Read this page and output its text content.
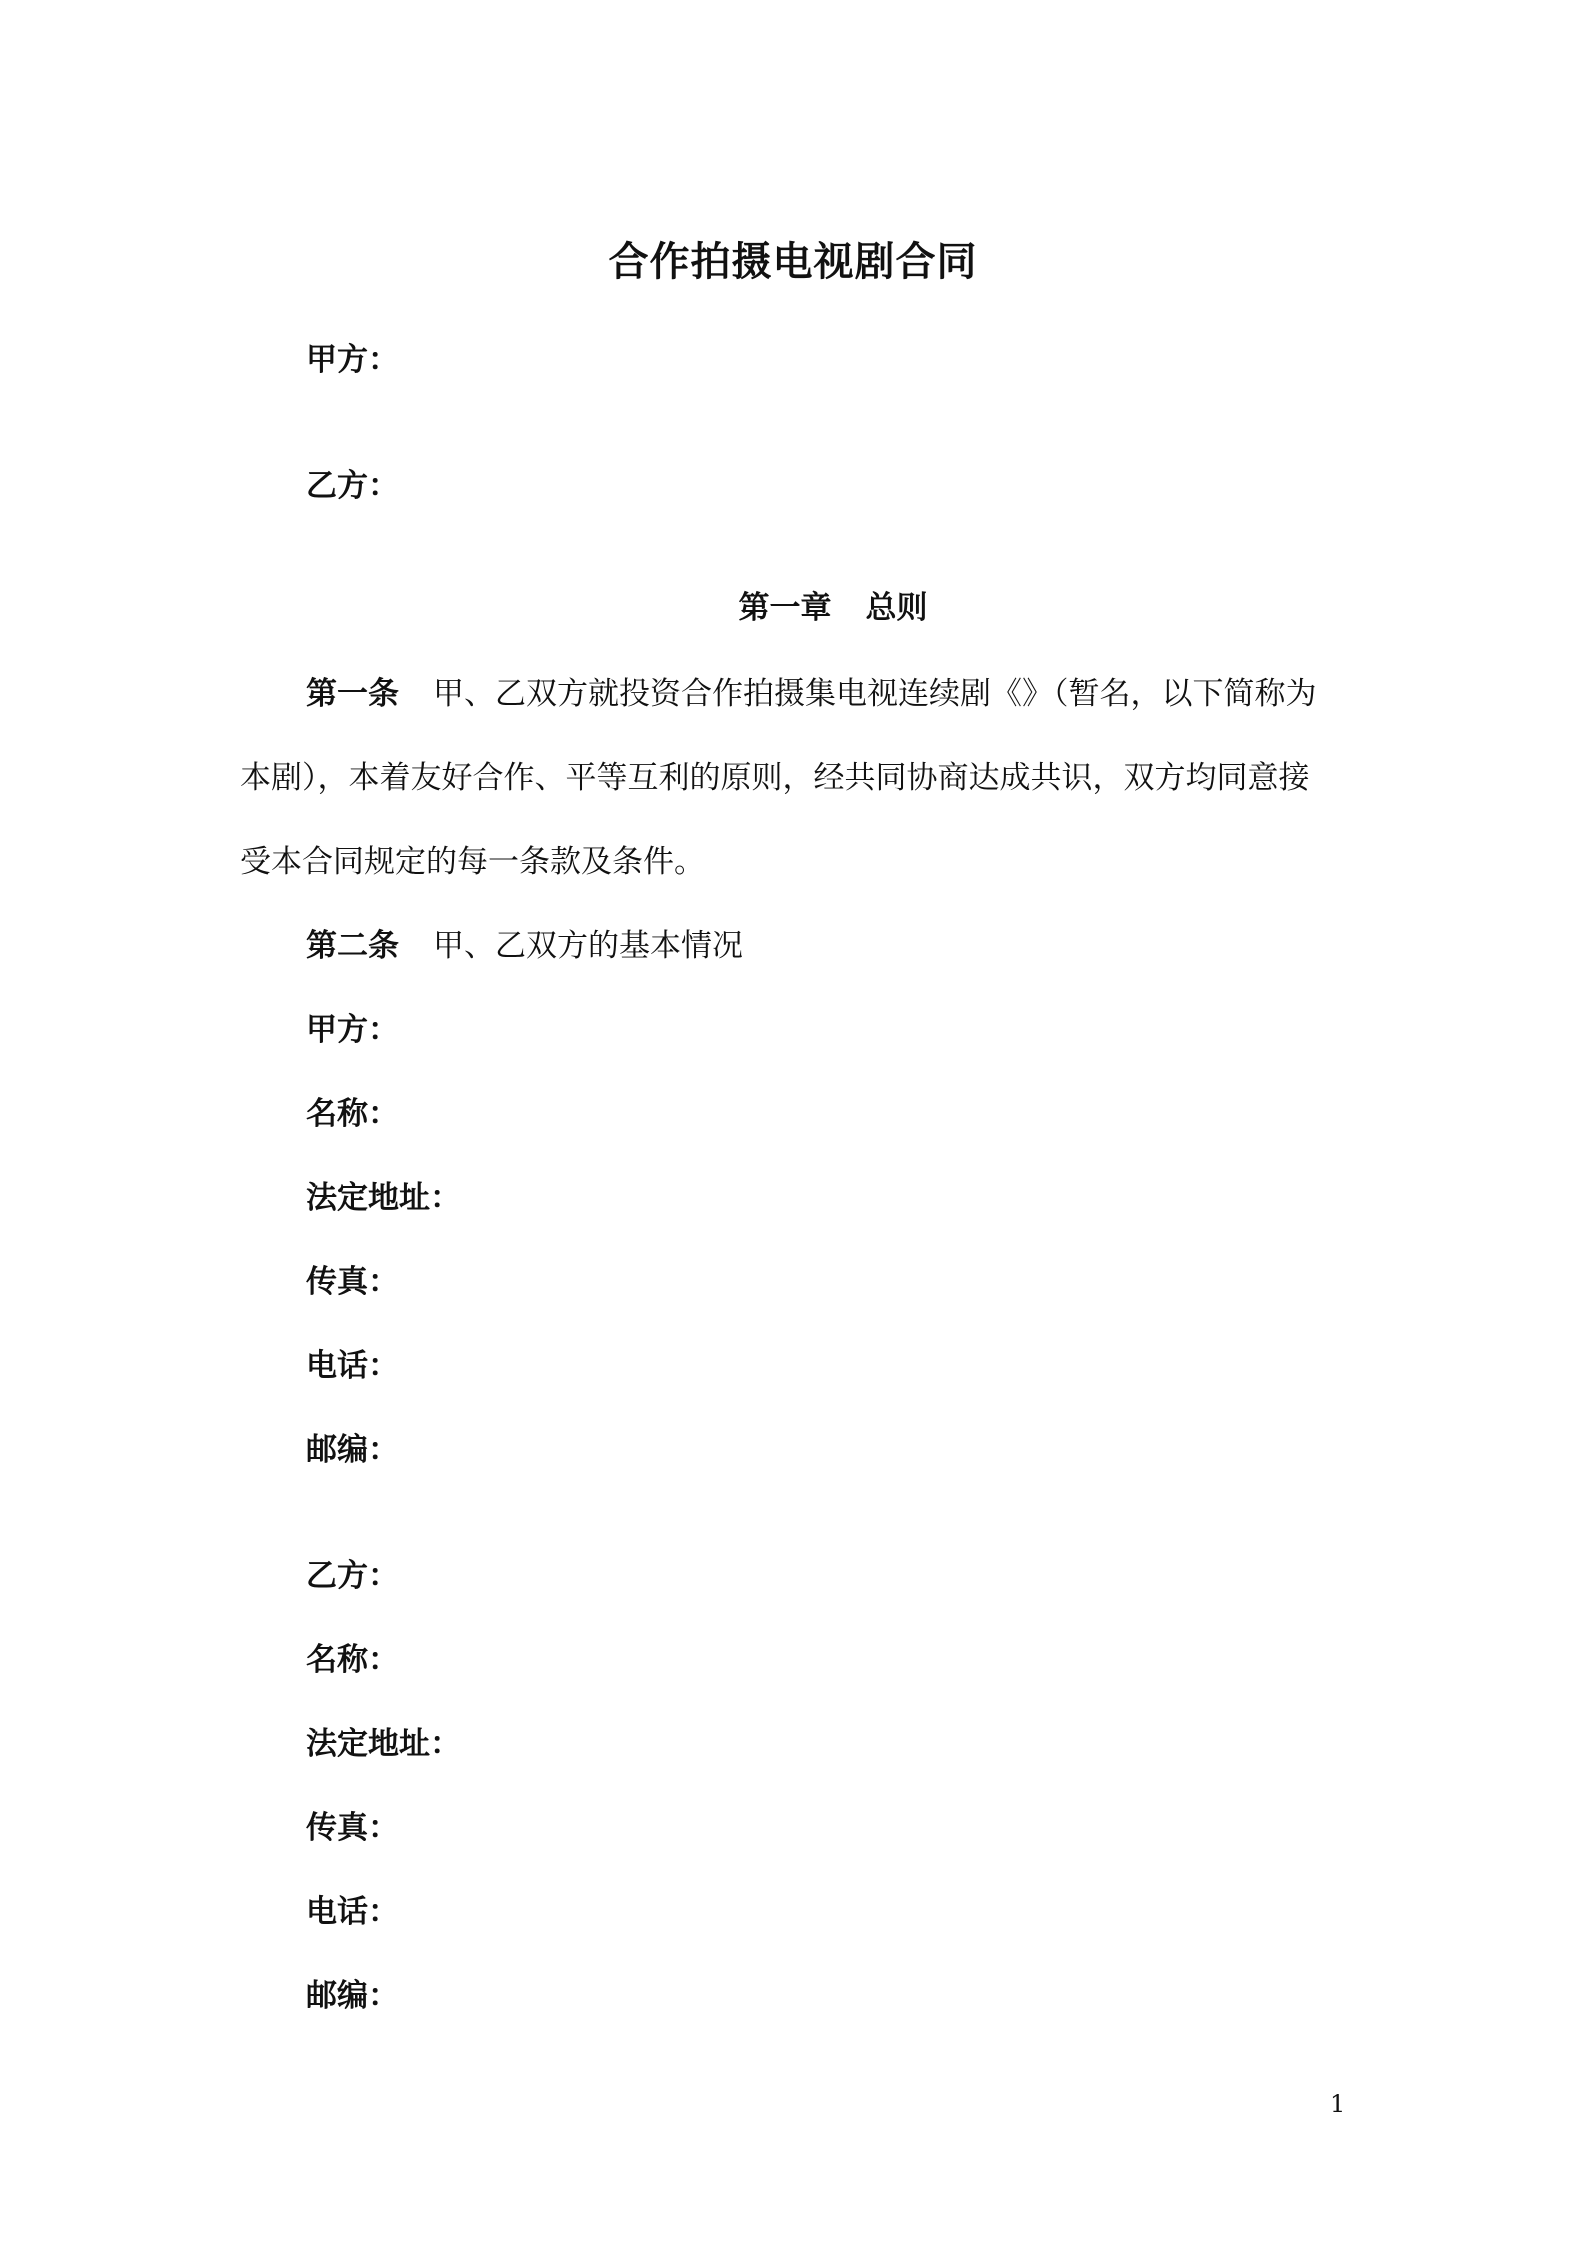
合作拍摄电视剧合同
甲方：
乙方：
第一章 总则
第一条 甲、乙双方就投资合作拍摄集电视连续剧《》（暂名，以下简称为
本剧），本着友好合作、平等互利的原则，经共同协商达成共识，双方均同意接
受本合同规定的每一条款及条件。
第二条 甲、乙双方的基本情况
甲方：
名称：
法定地址：
传真：
电话：
邮编：
乙方：
名称：
法定地址：
传真：
电话：
邮编：
1
